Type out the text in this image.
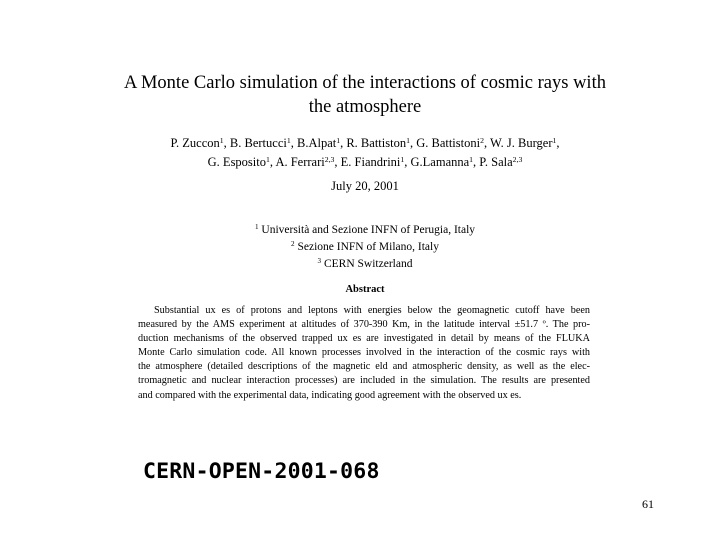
A Monte Carlo simulation of the interactions of cosmic rays with
the atmosphere
P. Zuccon$^1$, B. Bertucci$^1$, B.Alpat$^1$, R. Battiston$^1$, G. Battistoni$^2$, W. J. Burger$^1$,
G. Esposito$^1$, A. Ferrari$^{2,3}$, E. Fiandrini$^1$, G.Lamanna$^1$, P. Sala$^{2,3}$
July 20, 2001
$^1$ Università and Sezione INFN of Perugia, Italy
$^2$ Sezione INFN of Milano, Italy
$^3$ CERN Switzerland
Abstract
Substantial ux es of protons and leptons with energies below the geomagnetic cutoff have been
measured by the AMS experiment at altitudes of 370-390 Km, in the latitude interval ±51.7 º. The pro-
duction mechanisms of the observed trapped ux es are investigated in detail by means of the FLUKA
Monte Carlo simulation code. All known processes involved in the interaction of the cosmic rays with
the atmosphere (detailed descriptions of the magnetic eld and atmospheric density, as well as the elec-
tromagnetic and nuclear interaction processes) are included in the simulation. The results are presented
and compared with the experimental data, indicating good agreement with the observed ux es.
CERN-OPEN-2001-068
61
